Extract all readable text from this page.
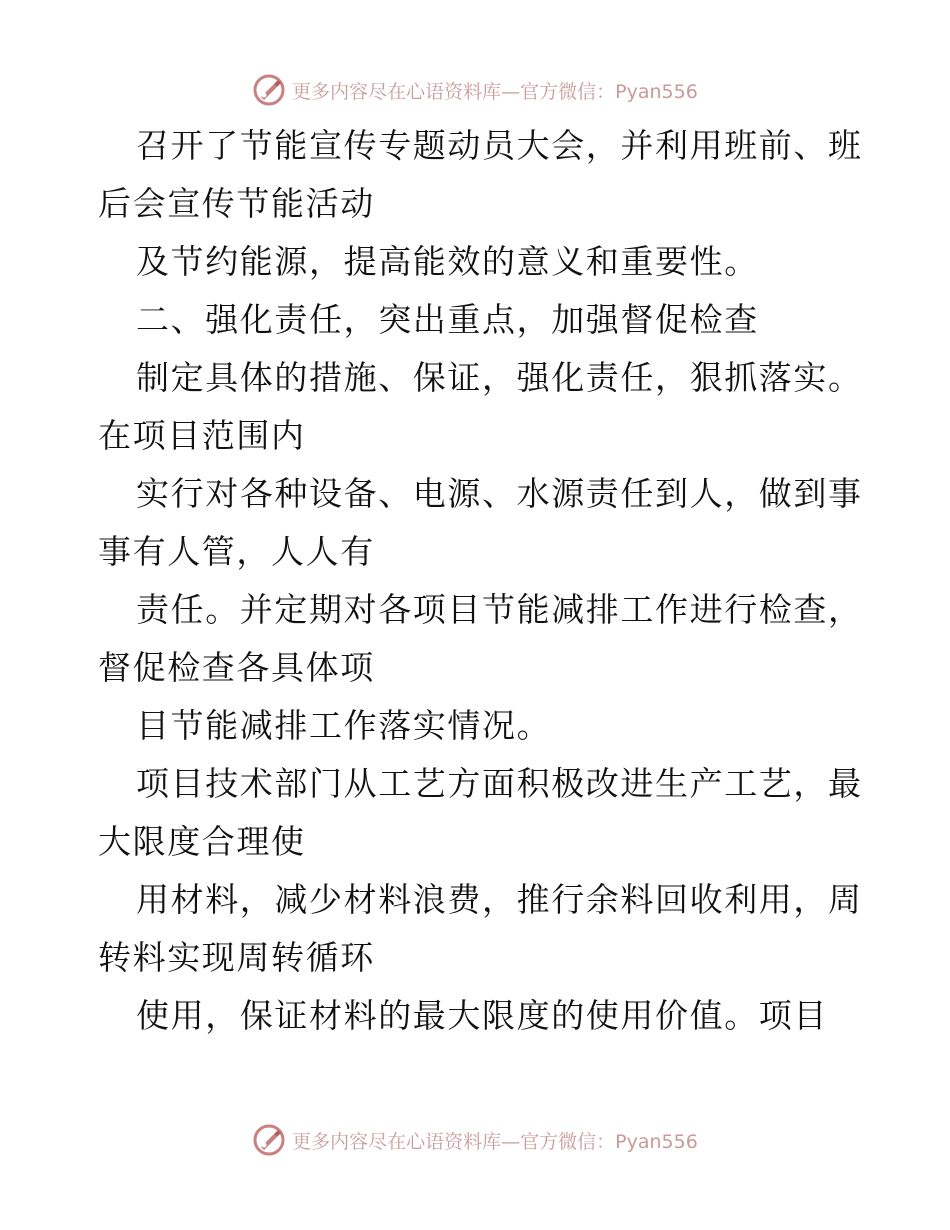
更多内容尽在心语资料库—官方微信：Pyan556
召开了节能宣传专题动员大会，并利用班前、班
后会宣传节能活动
及节约能源，提高能效的意义和重要性。
二、强化责任，突出重点，加强督促检查
制定具体的措施、保证，强化责任，狠抓落实。
在项目范围内
实行对各种设备、电源、水源责任到人，做到事
事有人管，人人有
责任。并定期对各项目节能减排工作进行检查，
督促检查各具体项
目节能减排工作落实情况。
项目技术部门从工艺方面积极改进生产工艺，最
大限度合理使
用材料，减少材料浪费，推行余料回收利用，周
转料实现周转循环
使用，保证材料的最大限度的使用价值。项目
更多内容尽在心语资料库—官方微信：Pyan556
